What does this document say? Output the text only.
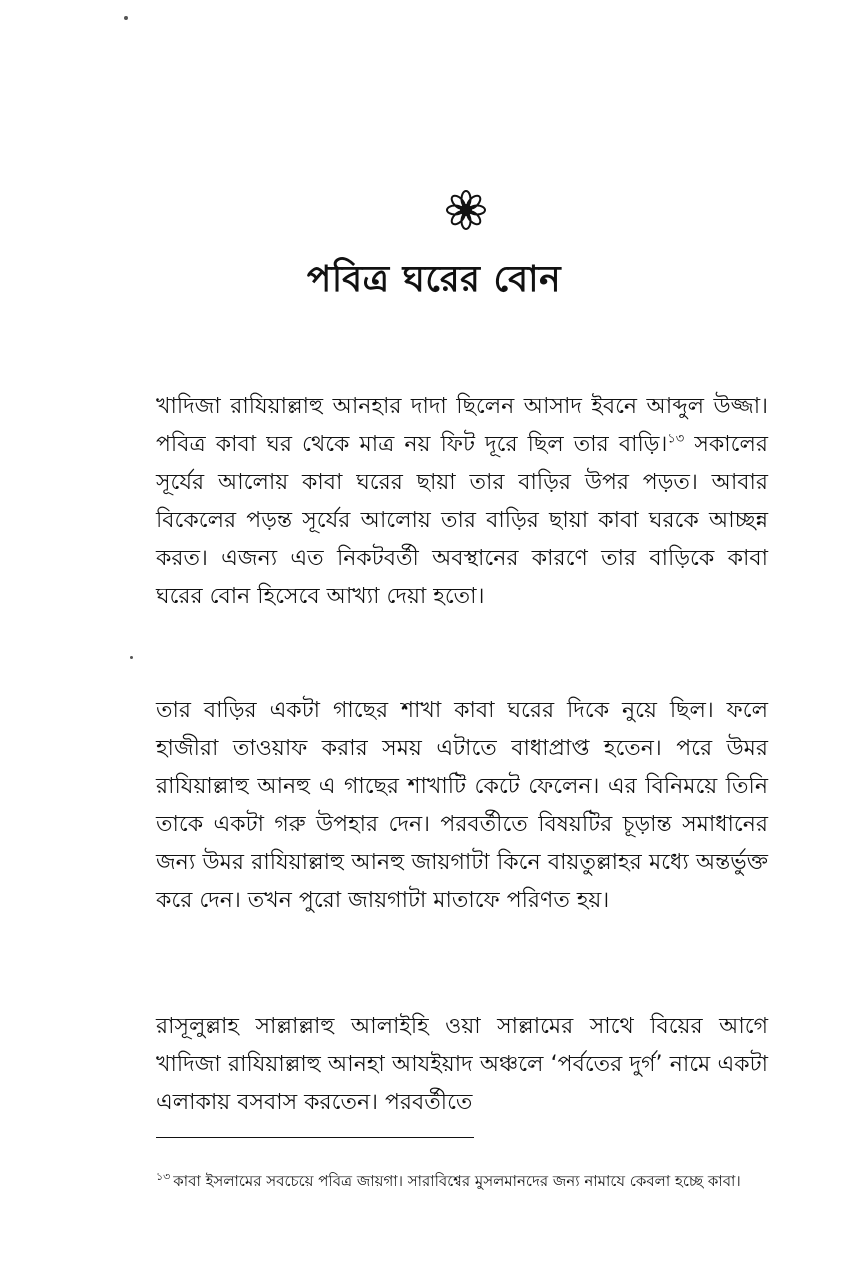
পবিত্র ঘরের বোন
খাদিজা রাযিয়াল্লাহু আনহার দাদা ছিলেন আসাদ ইবনে আব্দুল উজ্জা। পবিত্র কাবা ঘর থেকে মাত্র নয় ফিট দূরে ছিল তার বাড়ি।$^{১৩}$ সকালের সূর্যের আলোয় কাবা ঘরের ছায়া তার বাড়ির উপর পড়ত। আবার বিকেলের পড়ন্ত সূর্যের আলোয় তার বাড়ির ছায়া কাবা ঘরকে আচ্ছন্ন করত। এজন্য এত নিকটবর্তী অবস্থানের কারণে তার বাড়িকে কাবা ঘরের বোন হিসেবে আখ্যা দেয়া হতো।
তার বাড়ির একটা গাছের শাখা কাবা ঘরের দিকে নুয়ে ছিল। ফলে হাজীরা তাওয়াফ করার সময় এটাতে বাধাপ্রাপ্ত হতেন। পরে উমর রাযিয়াল্লাহু আনহু এ গাছের শাখাটি কেটে ফেলেন। এর বিনিময়ে তিনি তাকে একটা গরু উপহার দেন। পরবর্তীতে বিষয়টির চূড়ান্ত সমাধানের জন্য উমর রাযিয়াল্লাহু আনহু জায়গাটা কিনে বায়তুল্লাহর মধ্যে অন্তর্ভুক্ত করে দেন। তখন পুরো জায়গাটা মাতাফে পরিণত হয়।
রাসূলুল্লাহ সাল্লাল্লাহু আলাইহি ওয়া সাল্লামের সাথে বিয়ের আগে খাদিজা রাযিয়াল্লাহু আনহা আযইয়াদ অঞ্চলে ‘পর্বতের দুর্গ’ নামে একটা এলাকায় বসবাস করতেন। পরবর্তীতে
$^{১৩}$ কাবা ইসলামের সবচেয়ে পবিত্র জায়গা। সারাবিশ্বের মুসলমানদের জন্য নামাযে কেবলা হচ্ছে কাবা।
